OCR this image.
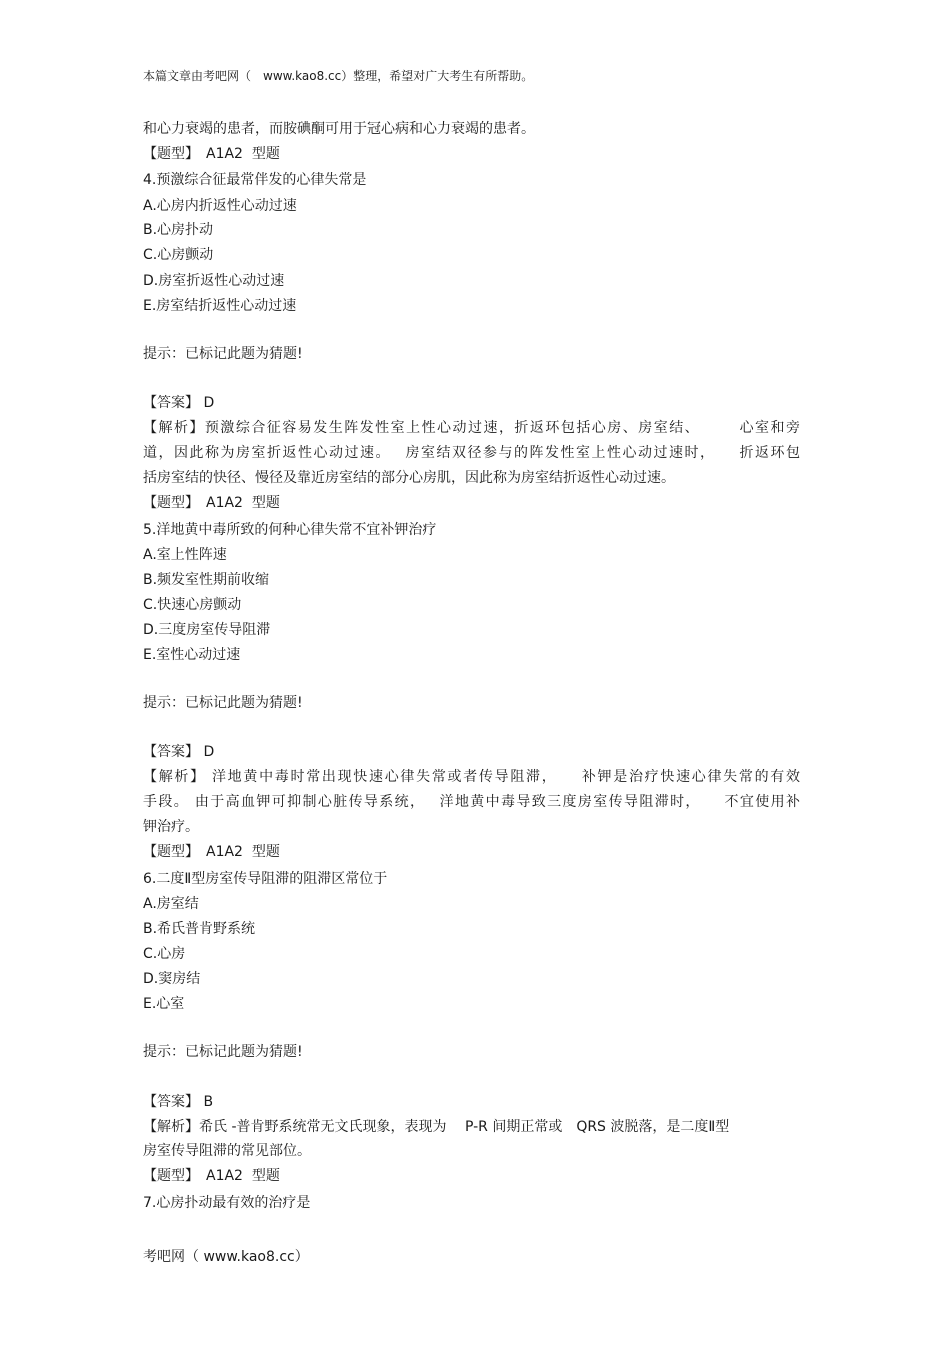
本篇文章由考吧网（　www.kao8.cc）整理，希望对广大考生有所帮助。
和心力衰竭的患者，而胺碘酮可用于冠心病和心力衰竭的患者。
【题型】　A1A2  型题
4.预激综合征最常伴发的心律失常是
A.心房内折返性心动过速
B.心房扑动
C.心房颤动
D.房室折返性心动过速
E.房室结折返性心动过速
提示：已标记此题为猜题!
【答案】 D
【解析】预激综合征容易发生阵发性室上性心动过速，折返环包括心房、房室结、　　　心室和旁
道，因此称为房室折返性心动过速。　 房室结双径参与的阵发性室上性心动过速时，　　折返环包
括房室结的快径、慢径及靠近房室结的部分心房肌，因此称为房室结折返性心动过速。
【题型】　A1A2  型题
5.洋地黄中毒所致的何种心律失常不宜补钾治疗
A.室上性阵速
B.频发室性期前收缩
C.快速心房颤动
D.三度房室传导阻滞
E.室性心动过速
提示：已标记此题为猜题!
【答案】 D
【解析】 洋地黄中毒时常出现快速心律失常或者传导阻滞，　　补钾是治疗快速心律失常的有效
手段。 由于高血钾可抑制心脏传导系统，　 洋地黄中毒导致三度房室传导阻滞时，　　不宜使用补
钾治疗。
【题型】　A1A2  型题
6.二度Ⅱ型房室传导阻滞的阻滞区常位于
A.房室结
B.希氏普肯野系统
C.心房
D.窦房结
E.心室
提示：已标记此题为猜题!
【答案】 B
【解析】希氏 -普肯野系统常无文氏现象，表现为　 P-R 间期正常或　QRS 波脱落，是二度Ⅱ型
房室传导阻滞的常见部位。
【题型】　A1A2  型题
7.心房扑动最有效的治疗是
考吧网（ www.kao8.cc）
